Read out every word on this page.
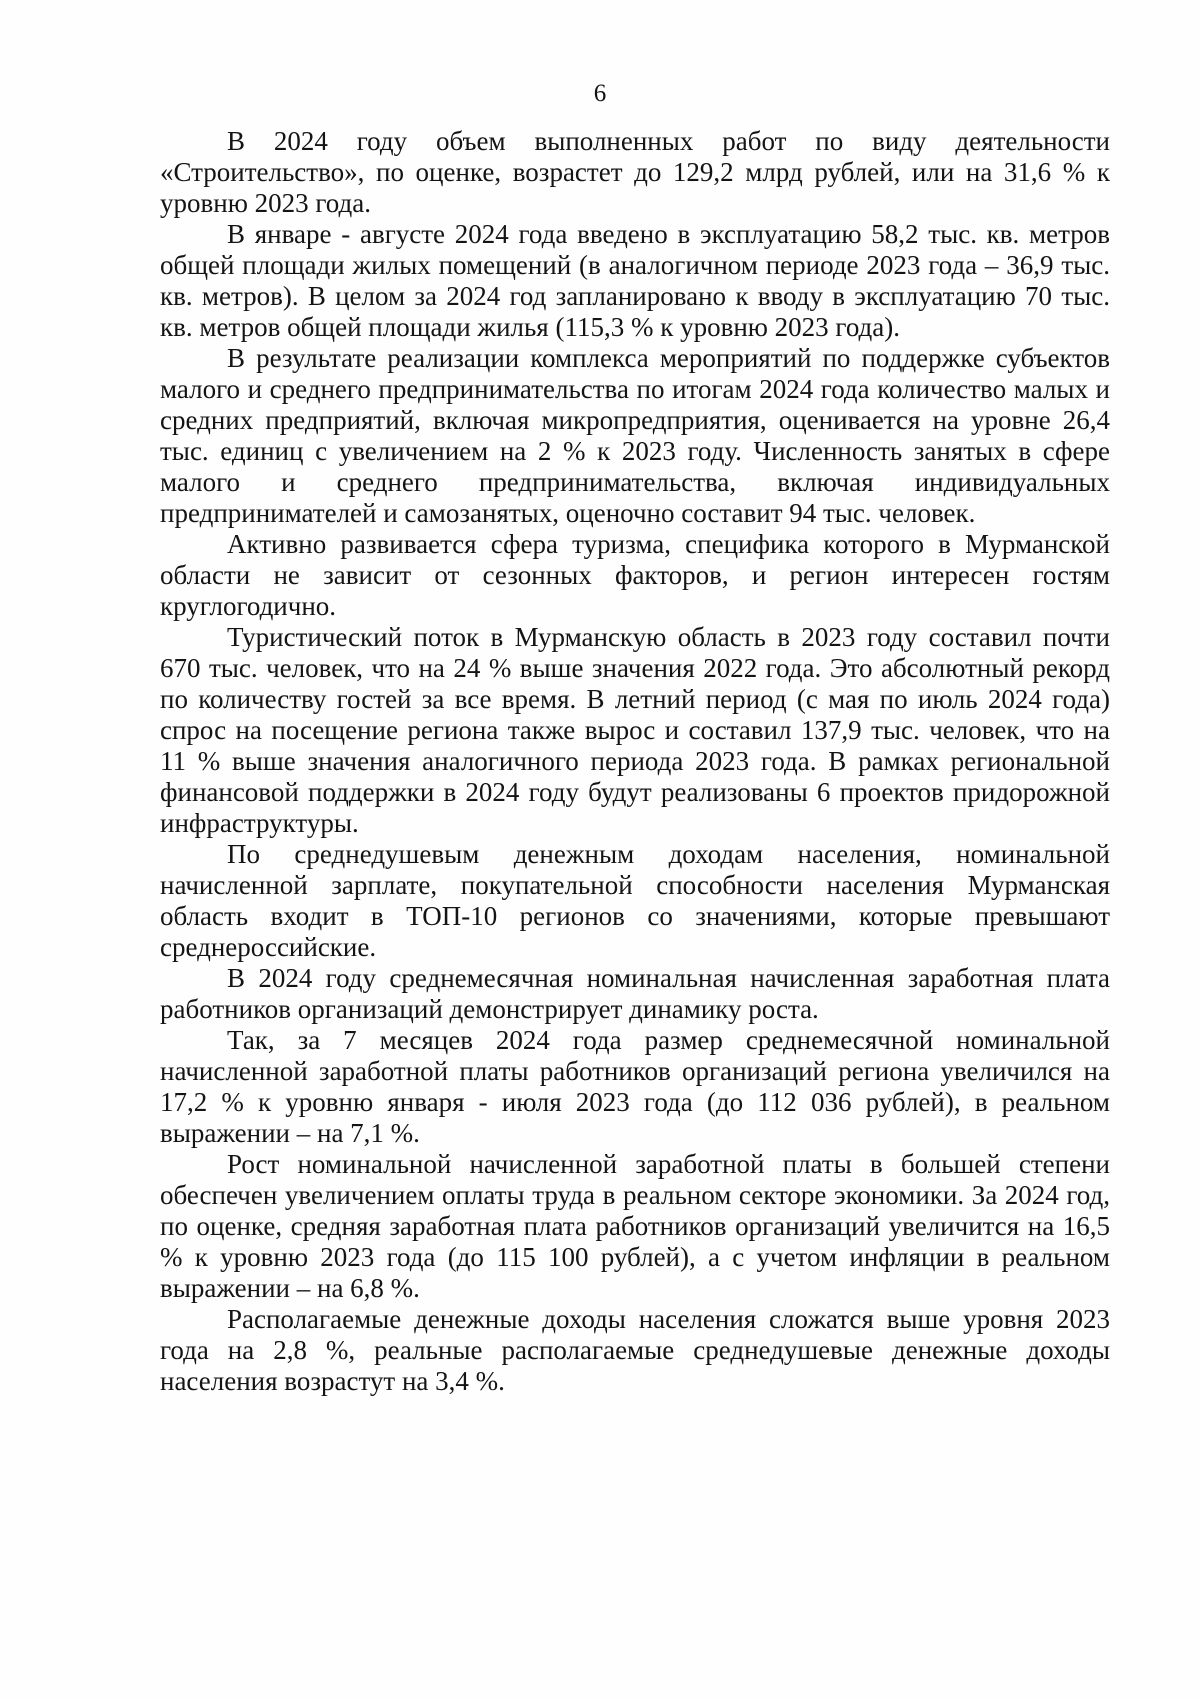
6

В 2024 году объем выполненных работ по виду деятельности «Строительство», по оценке, возрастет до 129,2 млрд рублей, или на 31,6 % к уровню 2023 года.

В январе - августе 2024 года введено в эксплуатацию 58,2 тыс. кв. метров общей площади жилых помещений (в аналогичном периоде 2023 года – 36,9 тыс. кв. метров). В целом за 2024 год запланировано к вводу в эксплуатацию 70 тыс. кв. метров общей площади жилья (115,3 % к уровню 2023 года).

В результате реализации комплекса мероприятий по поддержке субъектов малого и среднего предпринимательства по итогам 2024 года количество малых и средних предприятий, включая микропредприятия, оценивается на уровне 26,4 тыс. единиц с увеличением на 2 % к 2023 году. Численность занятых в сфере малого и среднего предпринимательства, включая индивидуальных предпринимателей и самозанятых, оценочно составит 94 тыс. человек.

Активно развивается сфера туризма, специфика которого в Мурманской области не зависит от сезонных факторов, и регион интересен гостям круглогодично.

Туристический поток в Мурманскую область в 2023 году составил почти 670 тыс. человек, что на 24 % выше значения 2022 года. Это абсолютный рекорд по количеству гостей за все время. В летний период (с мая по июль 2024 года) спрос на посещение региона также вырос и составил 137,9 тыс. человек, что на 11 % выше значения аналогичного периода 2023 года. В рамках региональной финансовой поддержки в 2024 году будут реализованы 6 проектов придорожной инфраструктуры.

По среднедушевым денежным доходам населения, номинальной начисленной зарплате, покупательной способности населения Мурманская область входит в ТОП-10 регионов со значениями, которые превышают среднероссийские.

В 2024 году среднемесячная номинальная начисленная заработная плата работников организаций демонстрирует динамику роста.

Так, за 7 месяцев 2024 года размер среднемесячной номинальной начисленной заработной платы работников организаций региона увеличился на 17,2 % к уровню января - июля 2023 года (до 112 036 рублей), в реальном выражении – на 7,1 %.

Рост номинальной начисленной заработной платы в большей степени обеспечен увеличением оплаты труда в реальном секторе экономики. За 2024 год, по оценке, средняя заработная плата работников организаций увеличится на 16,5 % к уровню 2023 года (до 115 100 рублей), а с учетом инфляции в реальном выражении – на 6,8 %.

Располагаемые денежные доходы населения сложатся выше уровня 2023 года на 2,8 %, реальные располагаемые среднедушевые денежные доходы населения возрастут на 3,4 %.
